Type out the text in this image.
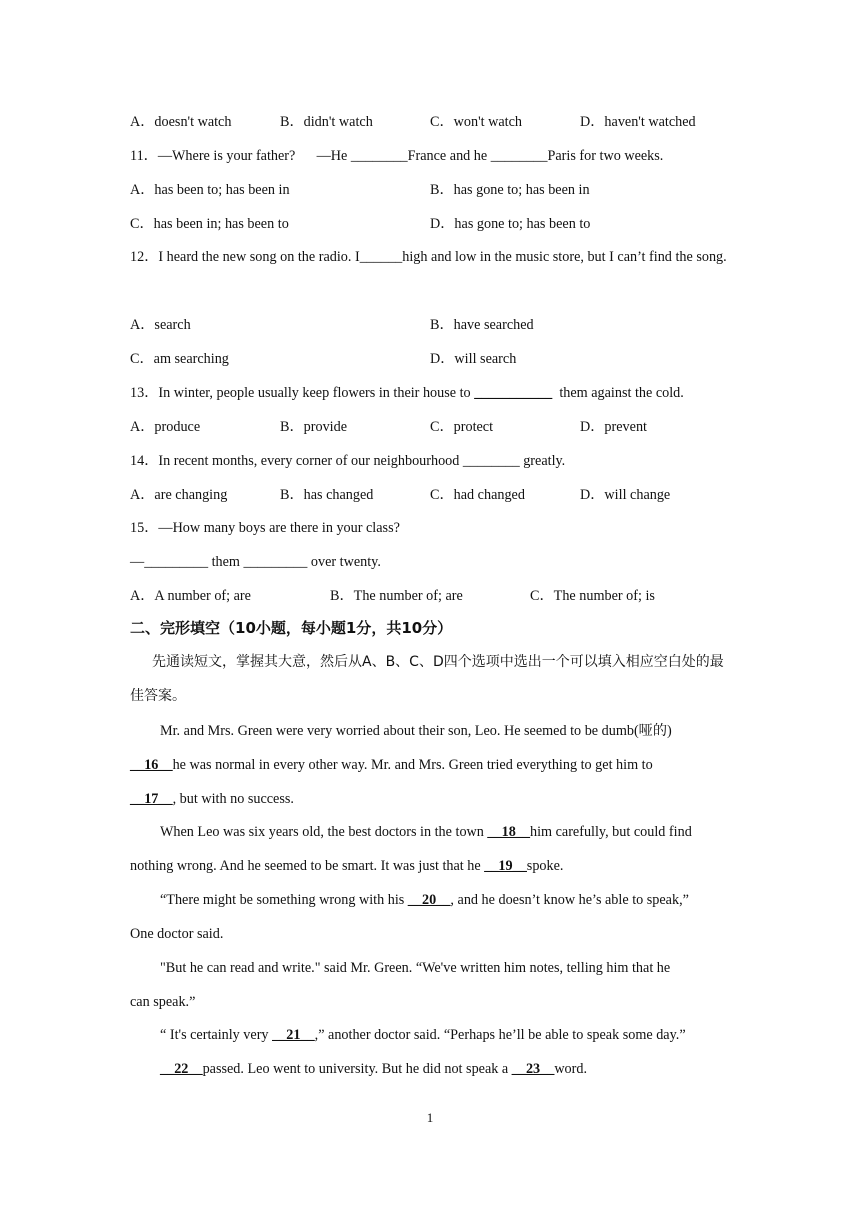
A．doesn't watch	B．didn't watch	C．won't watch	D．haven't watched
11．—Where is your father?      —He ________France and he ________Paris for two weeks.
A．has been to; has been in	B．has gone to; has been in
C．has been in; has been to	D．has gone to; has been to
12．I heard the new song on the radio. I______high and low in the music store, but I can’t find the song.
A．search	B．have searched
C．am searching	D．will search
13．In winter, people usually keep flowers in their house to ___________  them against the cold.
A．produce	B．provide	C．protect	D．prevent
14．In recent months, every corner of our neighbourhood ________ greatly.
A．are changing	B．has changed	C．had changed	D．will change
15．—How many boys are there in your class?
—_________ them _________ over twenty.
A．A number of; are	B．The number of; are	C．The number of; is
二、完形填空（10小题，每小题1分，共10分）
先通读短文，掌握其大意，然后从A、B、C、D四个选项中选出一个可以填入相应空白处的最佳答案。
Mr. and Mrs. Green were very worried about their son, Leo. He seemed to be dumb(哑的)
__16__he was normal in every other way. Mr. and Mrs. Green tried everything to get him to
__17__, but with no success.
When Leo was six years old, the best doctors in the town __18__him carefully, but could find
nothing wrong. And he seemed to be smart. It was just that he __19__spoke.
“There might be something wrong with his __20__, and he doesn’t know he’s able to speak,”
One doctor said.
"But he can read and write." said Mr. Green. “We've written him notes, telling him that he
can speak.”
“ It's certainly very __21__,” another doctor said. “Perhaps he’ll be able to speak some day.”
__22__passed. Leo went to university. But he did not speak a __23__word.
1
